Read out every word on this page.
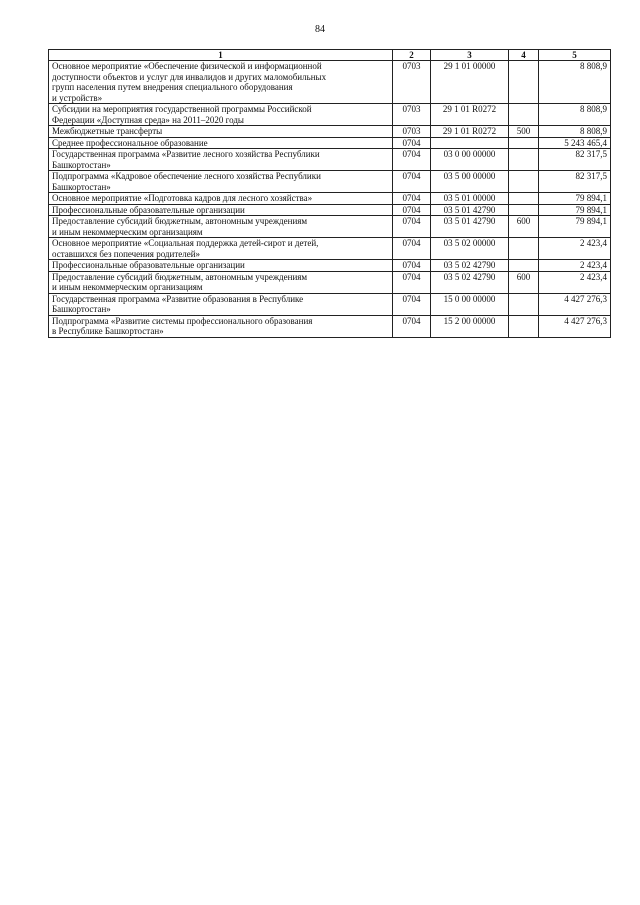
84
1	2	3	4	5

Основное мероприятие «Обеспечение физической и информационной
доступности объектов и услуг для инвалидов и других маломобильных
групп населения путем внедрения специального оборудования
и устройств»	0703	29 1 01 00000		8 808,9

Субсидии на мероприятия государственной программы Российской
Федерации «Доступная среда» на 2011–2020 годы	0703	29 1 01 R0272		8 808,9

Межбюджетные трансферты	0703	29 1 01 R0272	500	8 808,9

Среднее профессиональное образование	0704			5 243 465,4

Государственная программа «Развитие лесного хозяйства Республики
Башкортостан»	0704	03 0 00 00000		82 317,5

Подпрограмма «Кадровое обеспечение лесного хозяйства Республики
Башкортостан»	0704	03 5 00 00000		82 317,5

Основное мероприятие «Подготовка кадров для лесного хозяйства»	0704	03 5 01 00000		79 894,1

Профессиональные образовательные организации	0704	03 5 01 42790		79 894,1

Предоставление субсидий бюджетным, автономным учреждениям
и иным некоммерческим организациям	0704	03 5 01 42790	600	79 894,1

Основное мероприятие «Социальная поддержка детей-сирот и детей,
оставшихся без попечения родителей»	0704	03 5 02 00000		2 423,4

Профессиональные образовательные организации	0704	03 5 02 42790		2 423,4

Предоставление субсидий бюджетным, автономным учреждениям
и иным некоммерческим организациям	0704	03 5 02 42790	600	2 423,4

Государственная программа «Развитие образования в Республике
Башкортостан»	0704	15 0 00 00000		4 427 276,3

Подпрограмма «Развитие системы профессионального образования
в Республике Башкортостан»	0704	15 2 00 00000		4 427 276,3
